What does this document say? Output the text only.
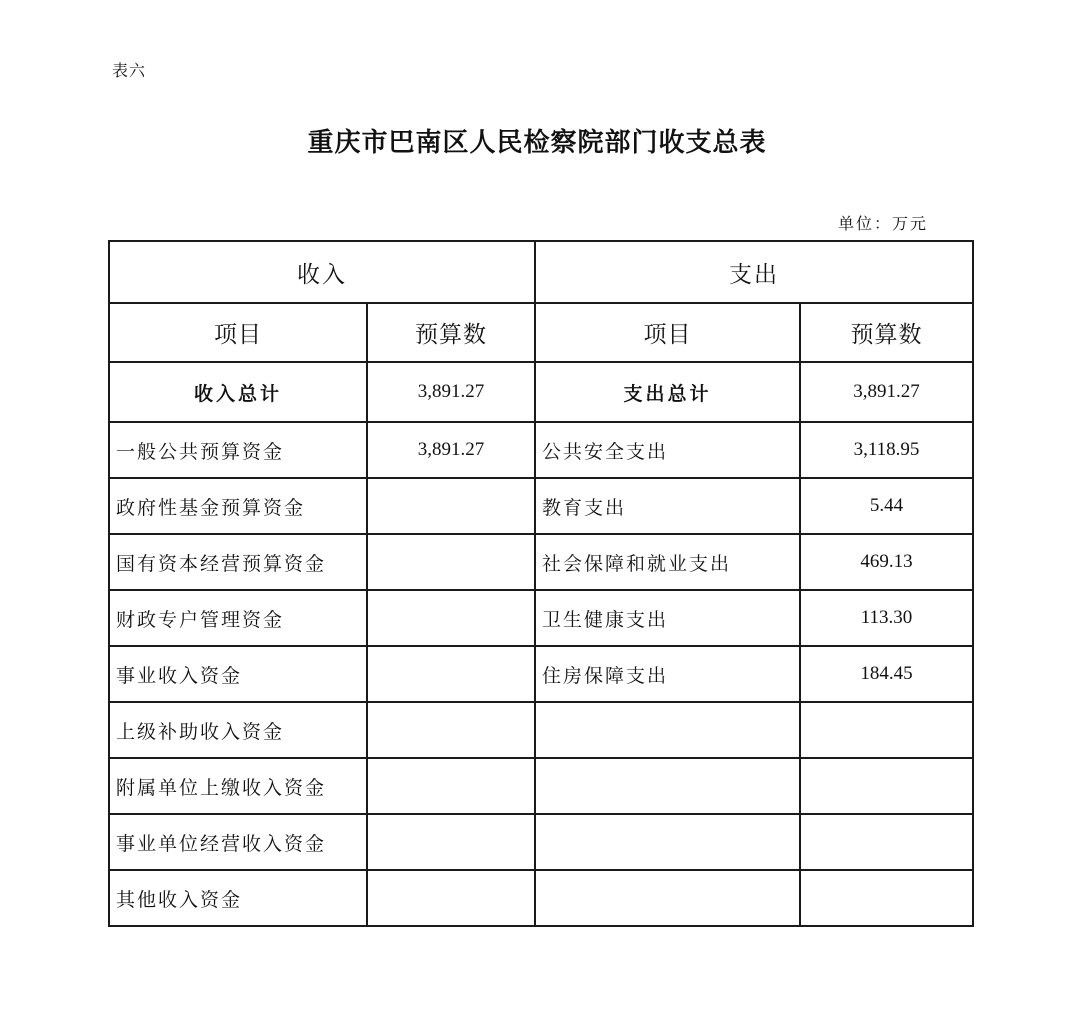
表六
重庆市巴南区人民检察院部门收支总表
单位：万元
收入		支出	
项目	预算数	项目	预算数
收入总计	3,891.27	支出总计	3,891.27
一般公共预算资金	3,891.27	公共安全支出	3,118.95
政府性基金预算资金		教育支出	5.44
国有资本经营预算资金		社会保障和就业支出	469.13
财政专户管理资金		卫生健康支出	113.30
事业收入资金		住房保障支出	184.45
上级补助收入资金			
附属单位上缴收入资金			
事业单位经营收入资金			
其他收入资金			
